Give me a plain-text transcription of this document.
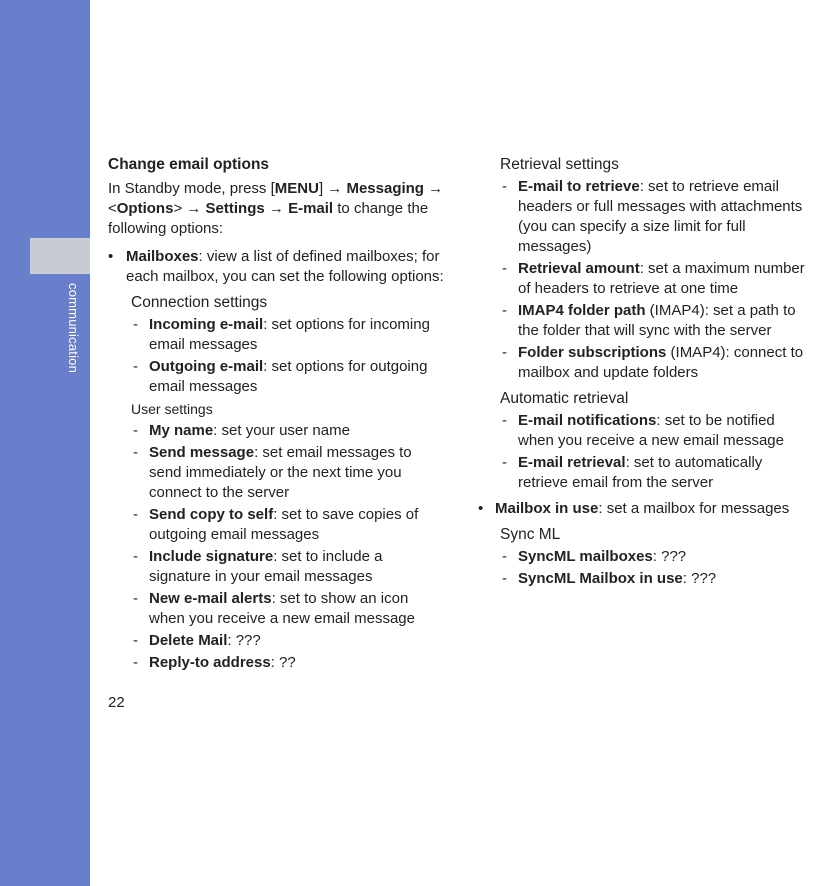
communication
Change email options
In Standby mode, press [MENU] → Messaging → <Options> → Settings → E-mail to change the following options:
• Mailboxes: view a list of defined mailboxes; for each mailbox, you can set the following options:
Connection settings
- Incoming e-mail: set options for incoming email messages
- Outgoing e-mail: set options for outgoing email messages
User settings
- My name: set your user name
- Send message: set email messages to send immediately or the next time you connect to the server
- Send copy to self: set to save copies of outgoing email messages
- Include signature: set to include a signature in your email messages
- New e-mail alerts: set to show an icon when you receive a new email message
- Delete Mail: ???
- Reply-to address: ??
Retrieval settings
- E-mail to retrieve: set to retrieve email headers or full messages with attachments (you can specify a size limit for full messages)
- Retrieval amount: set a maximum number of headers to retrieve at one time
- IMAP4 folder path (IMAP4): set a path to the folder that will sync with the server
- Folder subscriptions (IMAP4): connect to mailbox and update folders
Automatic retrieval
- E-mail notifications: set to be notified when you receive a new email message
- E-mail retrieval: set to automatically retrieve email from the server
• Mailbox in use: set a mailbox for messages
Sync ML
- SyncML mailboxes: ???
- SyncML Mailbox in use: ???
22
